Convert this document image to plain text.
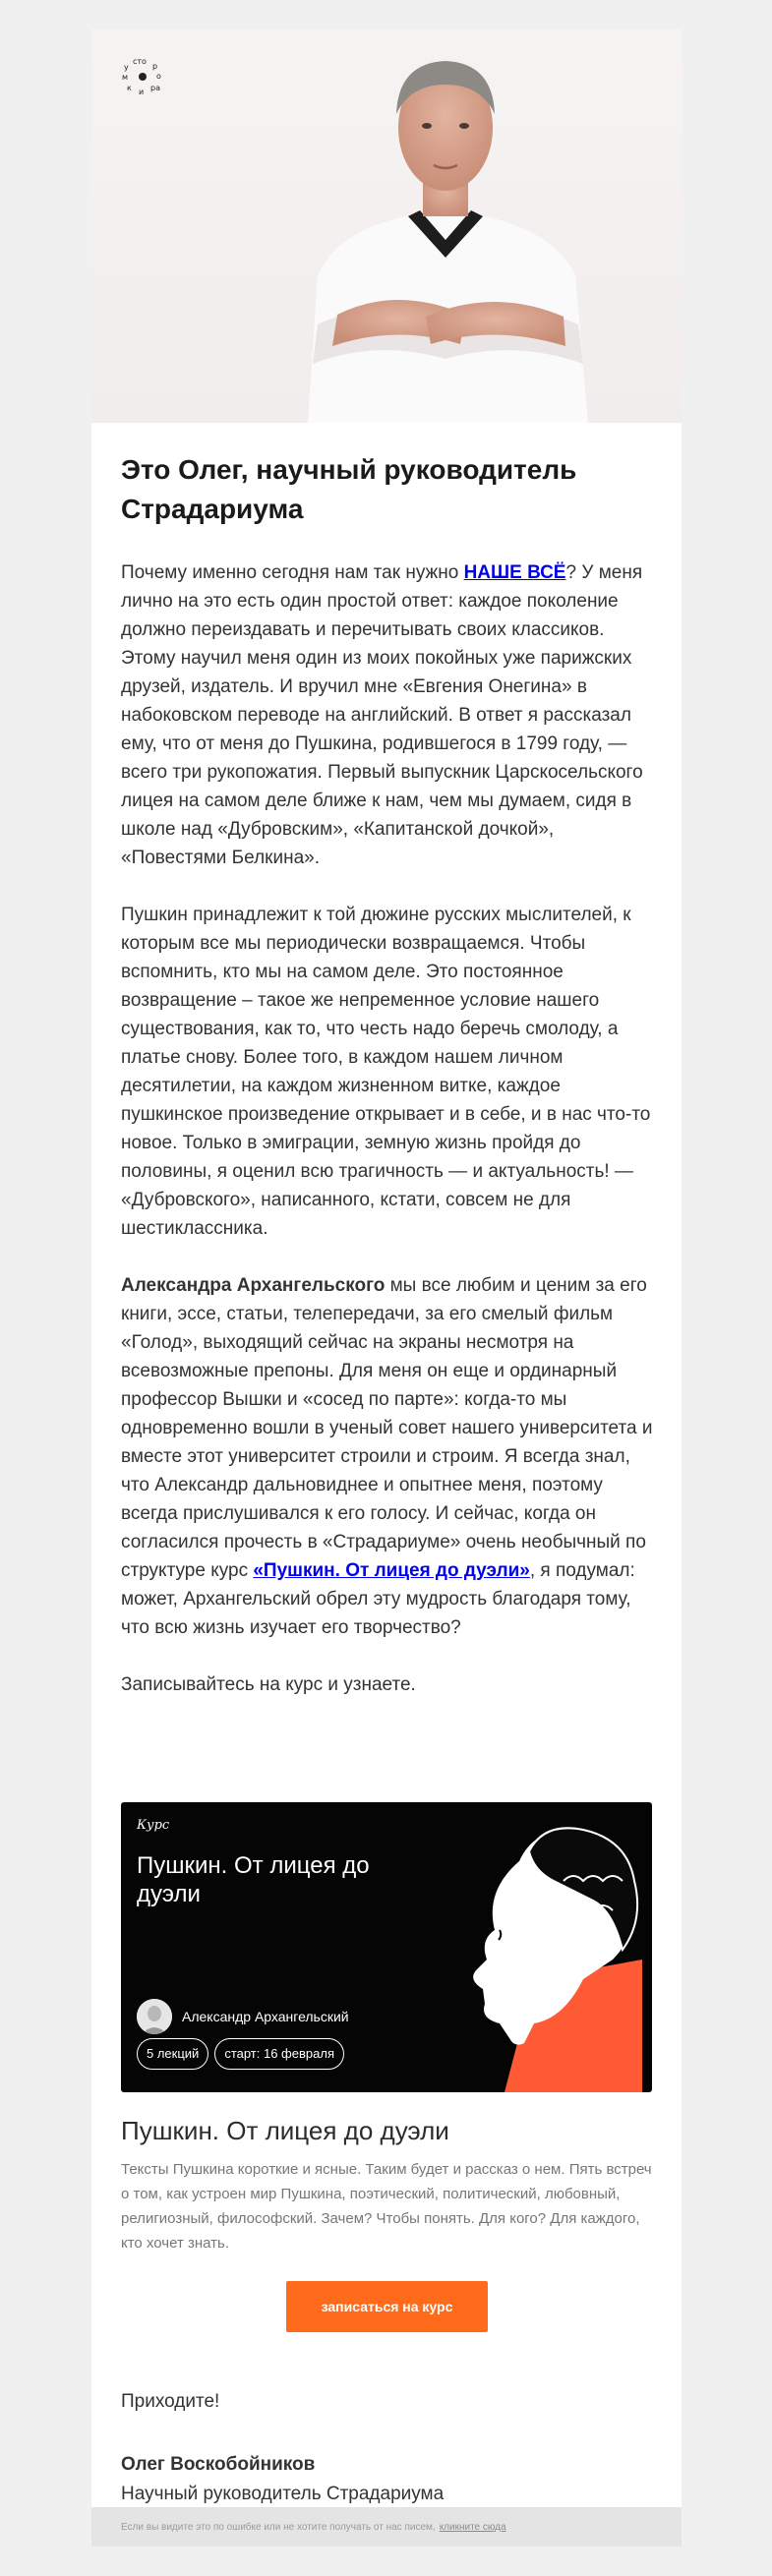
сто
р
о
ра
и
к
м
у
Это Олег, научный руководитель Страдариума

Почему именно сегодня нам так нужно НАШЕ ВСЁ? У меня лично на это есть один простой ответ: каждое поколение должно переиздавать и перечитывать своих классиков. Этому научил меня один из моих покойных уже парижских друзей, издатель. И вручил мне «Евгения Онегина» в набоковском переводе на английский. В ответ я рассказал ему, что от меня до Пушкина, родившегося в 1799 году, — всего три рукопожатия. Первый выпускник Царскосельского лицея на самом деле ближе к нам, чем мы думаем, сидя в школе над «Дубровским», «Капитанской дочкой», «Повестями Белкина».

Пушкин принадлежит к той дюжине русских мыслителей, к которым все мы периодически возвращаемся. Чтобы вспомнить, кто мы на самом деле. Это постоянное возвращение – такое же непременное условие нашего существования, как то, что честь надо беречь смолоду, а платье снову. Более того, в каждом нашем личном десятилетии, на каждом жизненном витке, каждое пушкинское произведение открывает и в себе, и в нас что-то новое. Только в эмиграции, земную жизнь пройдя до половины, я оценил всю трагичность — и актуальность! — «Дубровского», написанного, кстати, совсем не для шестиклассника.

Александра Архангельского мы все любим и ценим за его книги, эссе, статьи, телепередачи, за его смелый фильм «Голод», выходящий сейчас на экраны несмотря на всевозможные препоны. Для меня он еще и ординарный профессор Вышки и «сосед по парте»: когда-то мы одновременно вошли в ученый совет нашего университета и вместе этот университет строили и строим. Я всегда знал, что Александр дальновиднее и опытнее меня, поэтому всегда прислушивался к его голосу. И сейчас, когда он согласился прочесть в «Страдариуме» очень необычный по структуре курс «Пушкин. От лицея до дуэли», я подумал: может, Архангельский обрел эту мудрость благодаря тому, что всю жизнь изучает его творчество?

Записывайтесь на курс и узнаете.

Курс
Пушкин. От лицея до дуэли
Александр Архангельский
5 лекций	старт: 16 февраля
Пушкин. От лицея до дуэли
Тексты Пушкина короткие и ясные. Таким будет и рассказ о нем. Пять встреч о том, как устроен мир Пушкина, поэтический, политический, любовный, религиозный, философский. Зачем? Чтобы понять. Для кого? Для каждого, кто хочет знать.
записаться на курс
Приходите!
Олег Воскобойников
Научный руководитель Страдариума
Если вы видите это по ошибке или не хотите получать от нас писем, кликните сюда
